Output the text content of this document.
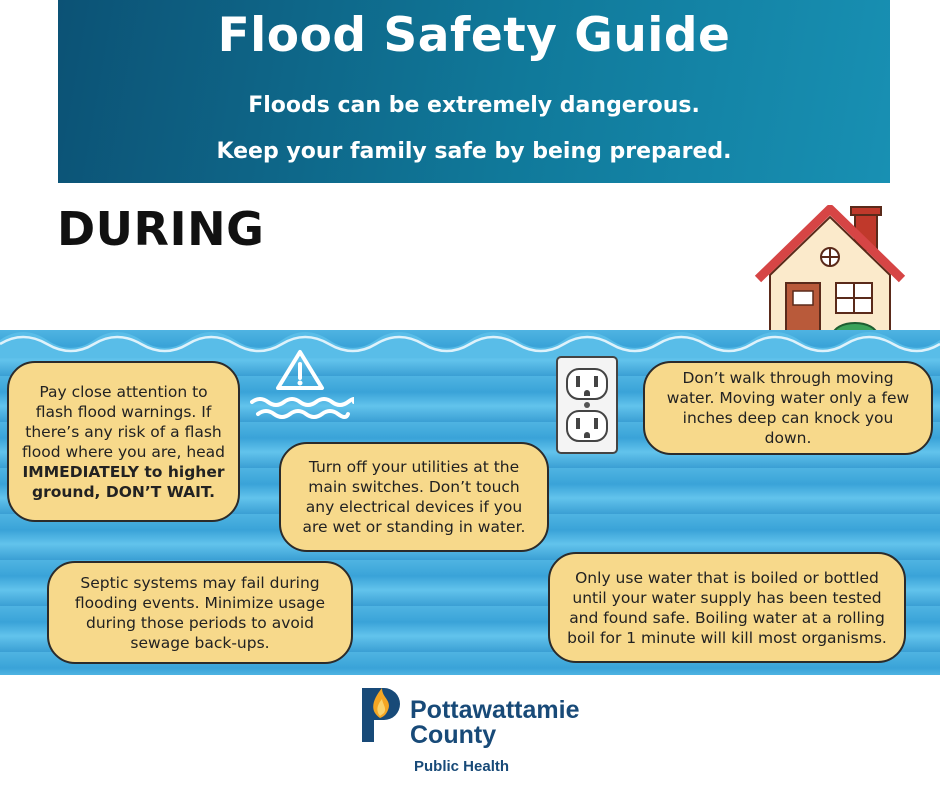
Flood Safety Guide
Floods can be extremely dangerous.
Keep your family safe by being prepared.
DURING
Pay close attention to flash flood warnings. If there’s any risk of a flash flood where you are, head IMMEDIATELY to higher ground, DON’T WAIT.
Turn off your utilities at the main switches. Don’t touch any electrical devices if you are wet or standing in water.
Don’t walk through moving water. Moving water only a few inches deep can knock you down.
Septic systems may fail during flooding events. Minimize usage during those periods to avoid sewage back-ups.
Only use water that is boiled or bottled until your water supply has been tested and found safe. Boiling water at a rolling boil for 1 minute will kill most organisms.
Pottawattamie
County
Public Health
